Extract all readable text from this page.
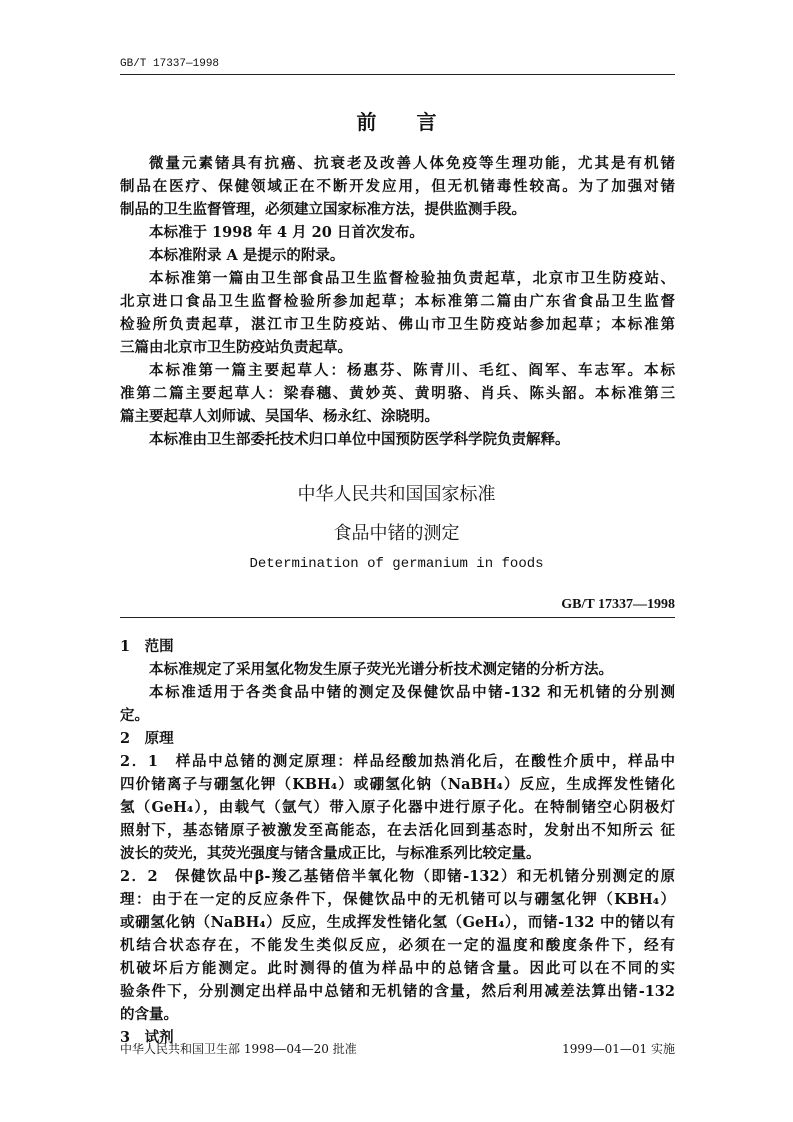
GB/T 17337—1998
前　　言
微量元素锗具有抗癌、抗衰老及改善人体免疫等生理功能，尤其是有机锗
制品在医疗、保健领域正在不断开发应用，但无机锗毒性较高。为了加强对锗
制品的卫生监督管理，必须建立国家标准方法，提供监测手段。
本标准于 1998 年 4 月 20 日首次发布。
本标准附录 A 是提示的附录。
本标准第一篇由卫生部食品卫生监督检验抽负责起草，北京市卫生防疫站、
北京进口食品卫生监督检验所参加起草；本标准第二篇由广东省食品卫生监督
检验所负责起草，湛江市卫生防疫站、佛山市卫生防疫站参加起草；本标准第
三篇由北京市卫生防疫站负责起草。
本标准第一篇主要起草人：杨惠芬、陈青川、毛红、阎军、车志军。本标
准第二篇主要起草人：梁春穗、黄妙英、黄明骆、肖兵、陈头韶。本标准第三
篇主要起草人刘师诚、吴国华、杨永红、涂晓明。
本标准由卫生部委托技术归口单位中国预防医学科学院负责解释。
中华人民共和国国家标准
食品中锗的测定
Determination of germanium in foods
GB/T 17337—1998
1　范围
本标准规定了采用氢化物发生原子荧光光谱分析技术测定锗的分析方法。
本标准适用于各类食品中锗的测定及保健饮品中锗-132 和无机锗的分别测
定。
2　原理
2．1　样品中总锗的测定原理：样品经酸加热消化后，在酸性介质中，样品中
四价锗离子与硼氢化钾（KBH₄）或硼氢化钠（NaBH₄）反应，生成挥发性锗化
氢（GeH₄），由载气（氩气）带入原子化器中进行原子化。在特制锗空心阴极灯
照射下，基态锗原子被激发至高能态，在去活化回到基态时，发射出不知所云 征
波长的荧光，其荧光强度与锗含量成正比，与标准系列比较定量。
2．2　保健饮品中β-羧乙基锗倍半氧化物（即锗-132）和无机锗分别测定的原
理：由于在一定的反应条件下，保健饮品中的无机锗可以与硼氢化钾（KBH₄）
或硼氢化钠（NaBH₄）反应，生成挥发性锗化氢（GeH₄），而锗-132 中的锗以有
机结合状态存在，不能发生类似反应，必须在一定的温度和酸度条件下，经有
机破坏后方能测定。此时测得的值为样品中的总锗含量。因此可以在不同的实
验条件下，分别测定出样品中总锗和无机锗的含量，然后利用减差法算出锗-132
的含量。
3　试剂
中华人民共和国卫生部 1998—04—20 批准	1999—01—01 实施
